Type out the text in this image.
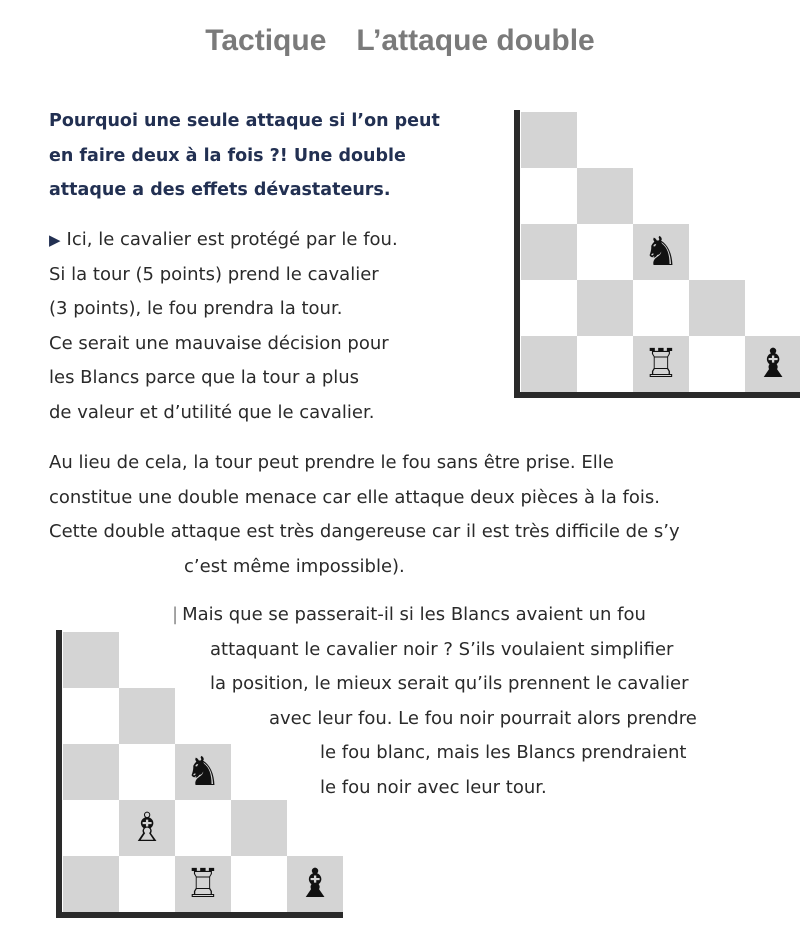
Tactique L’attaque double
Pourquoi une seule attaque si l’on peut
en faire deux à la fois ?! Une double
attaque a des effets dévastateurs.
▶ Ici, le cavalier est protégé par le fou.
Si la tour (5 points) prend le cavalier
(3 points), le fou prendra la tour.
Ce serait une mauvaise décision pour
les Blancs parce que la tour a plus
de valeur et d’utilité que le cavalier.
Au lieu de cela, la tour peut prendre le fou sans être prise. Elle
constitue une double menace car elle attaque deux pièces à la fois.
Cette double attaque est très dangereuse car il est très difficile de s’y
c’est même impossible).
| Mais que se passerait-il si les Blancs avaient un fou
attaquant le cavalier noir ? S’ils voulaient simplifier
la position, le mieux serait qu’ils prennent le cavalier
avec leur fou. Le fou noir pourrait alors prendre
le fou blanc, mais les Blancs prendraient
le fou noir avec leur tour.
♞
♖ ♝
♞
♗
♖ ♝
